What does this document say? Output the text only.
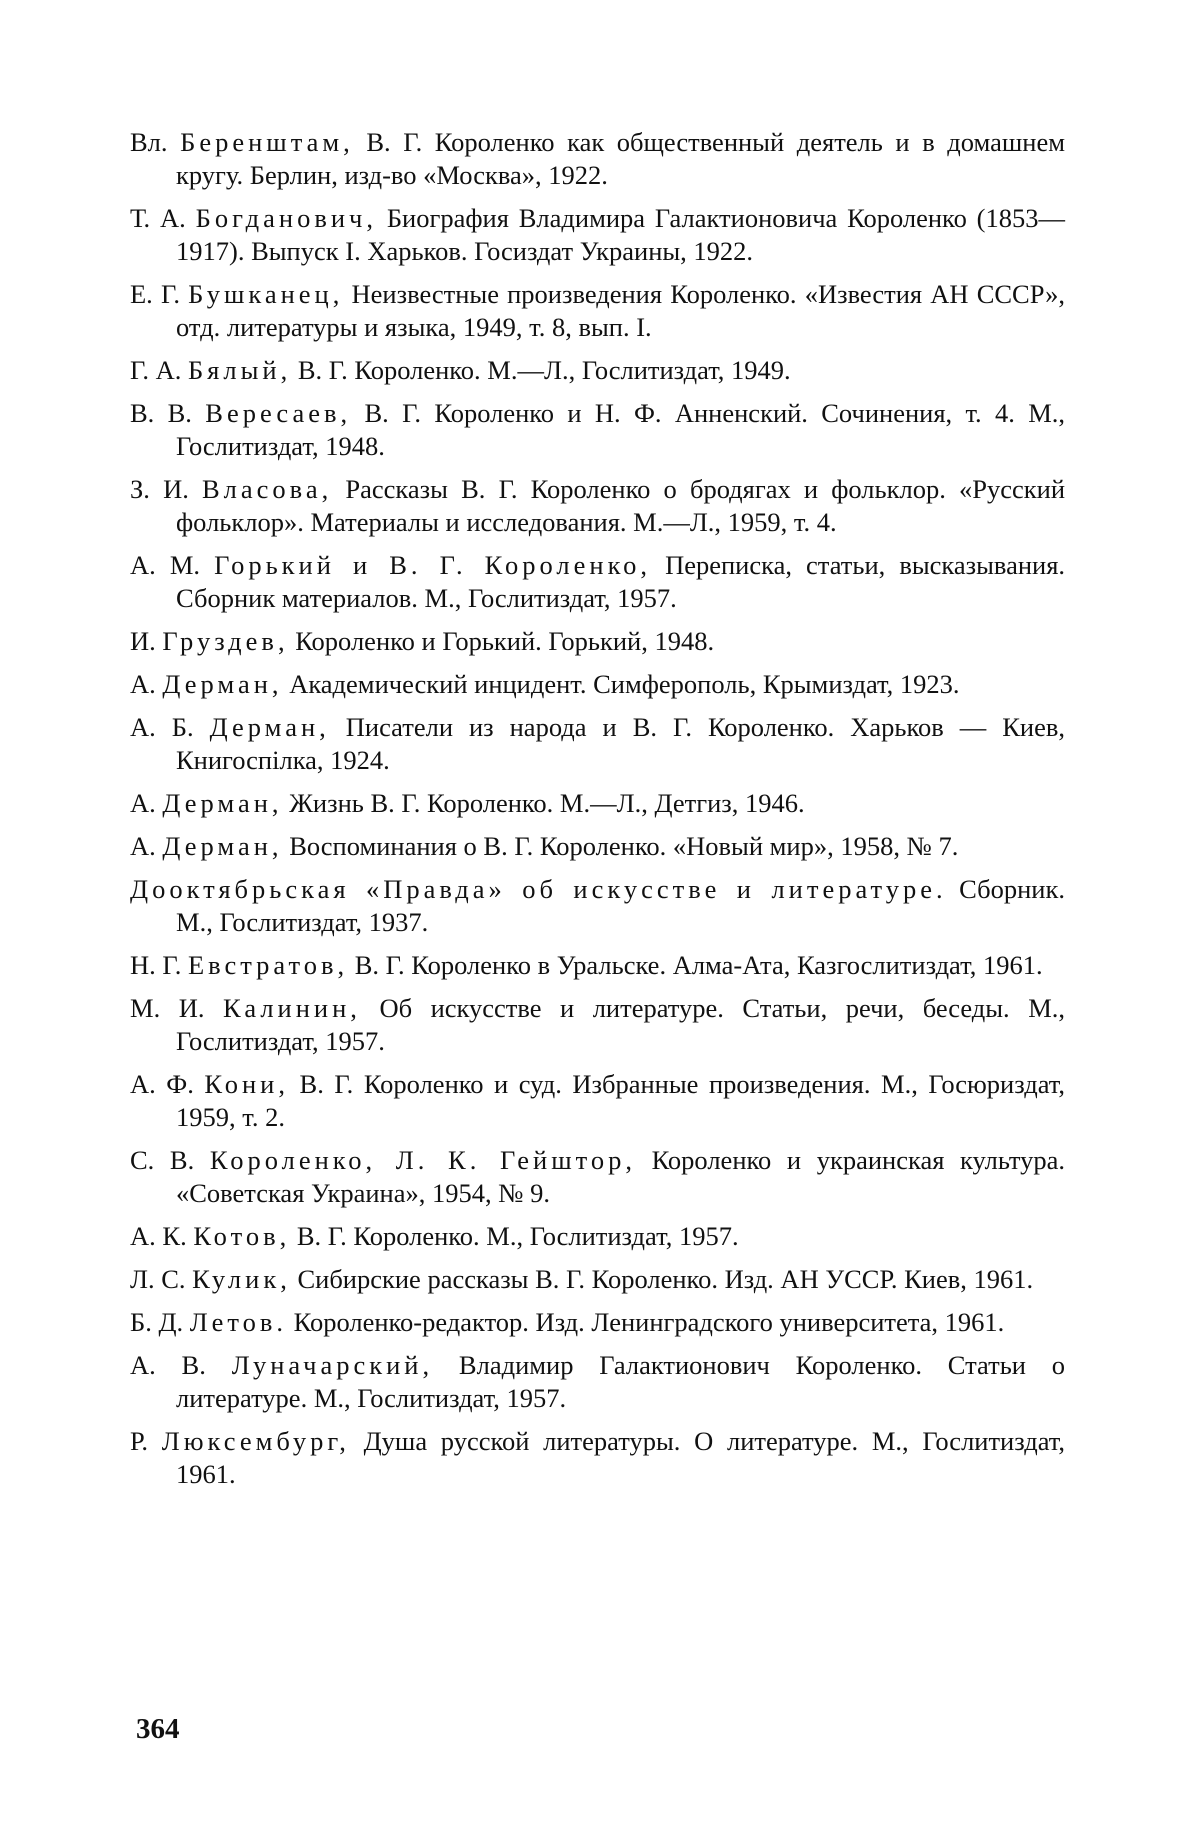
Вл. Беренштам, В. Г. Короленко как общественный деятель и в домашнем кругу. Берлин, изд-во «Москва», 1922.

Т. А. Богданович, Биография Владимира Галактионовича Короленко (1853—1917). Выпуск I. Харьков. Госиздат Украины, 1922.

Е. Г. Бушканец, Неизвестные произведения Короленко. «Известия АН СССР», отд. литературы и языка, 1949, т. 8, вып. I.

Г. А. Бялый, В. Г. Короленко. М.—Л., Гослитиздат, 1949.

В. В. Вересаев, В. Г. Короленко и Н. Ф. Анненский. Сочинения, т. 4. М., Гослитиздат, 1948.

З. И. Власова, Рассказы В. Г. Короленко о бродягах и фольклор. «Русский фольклор». Материалы и исследования. М.—Л., 1959, т. 4.

А. М. Горький и В. Г. Короленко, Переписка, статьи, высказывания. Сборник материалов. М., Гослитиздат, 1957.

И. Груздев, Короленко и Горький. Горький, 1948.

А. Дерман, Академический инцидент. Симферополь, Крымиздат, 1923.

А. Б. Дерман, Писатели из народа и В. Г. Короленко. Харьков — Киев, Книгоспілка, 1924.

А. Дерман, Жизнь В. Г. Короленко. М.—Л., Детгиз, 1946.

А. Дерман, Воспоминания о В. Г. Короленко. «Новый мир», 1958, № 7.

Дооктябрьская «Правда» об искусстве и литературе. Сборник. М., Гослитиздат, 1937.

Н. Г. Евстратов, В. Г. Короленко в Уральске. Алма-Ата, Казгослитиздат, 1961.

М. И. Калинин, Об искусстве и литературе. Статьи, речи, беседы. М., Гослитиздат, 1957.

А. Ф. Кони, В. Г. Короленко и суд. Избранные произведения. М., Госюриздат, 1959, т. 2.

С. В. Короленко, Л. К. Гейштор, Короленко и украинская культура. «Советская Украина», 1954, № 9.

А. К. Котов, В. Г. Короленко. М., Гослитиздат, 1957.

Л. С. Кулик, Сибирские рассказы В. Г. Короленко. Изд. АН УССР. Киев, 1961.

Б. Д. Летов. Короленко-редактор. Изд. Ленинградского университета, 1961.

А. В. Луначарский, Владимир Галактионович Короленко. Статьи о литературе. М., Гослитиздат, 1957.

Р. Люксембург, Душа русской литературы. О литературе. М., Гослитиздат, 1961.

364
